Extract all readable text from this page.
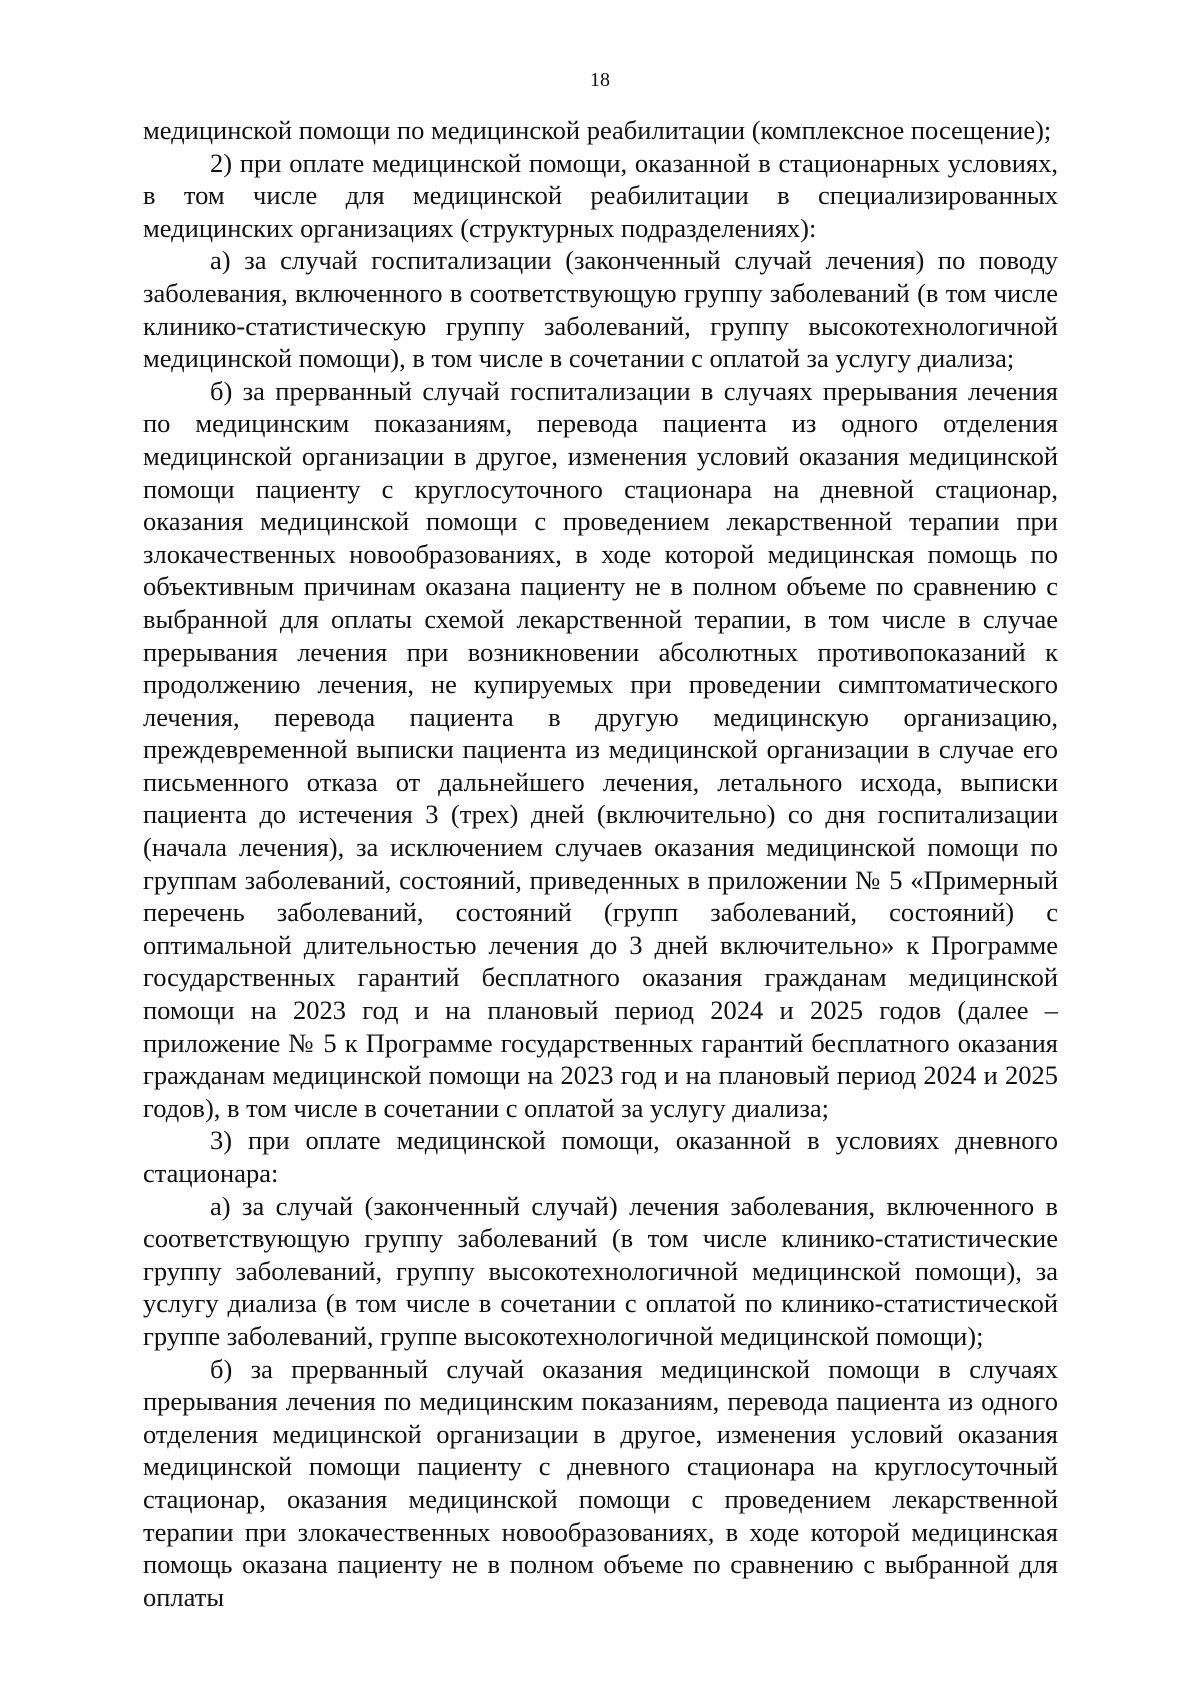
18

медицинской помощи по медицинской реабилитации (комплексное посещение);

2) при оплате медицинской помощи, оказанной в стационарных условиях, в том числе для медицинской реабилитации в специализированных медицинских организациях (структурных подразделениях):

а) за случай госпитализации (законченный случай лечения) по поводу заболевания, включенного в соответствующую группу заболеваний (в том числе клинико-статистическую группу заболеваний, группу высокотехнологичной медицинской помощи), в том числе в сочетании с оплатой за услугу диализа;

б) за прерванный случай госпитализации в случаях прерывания лечения по медицинским показаниям, перевода пациента из одного отделения медицинской организации в другое, изменения условий оказания медицинской помощи пациенту с круглосуточного стационара на дневной стационар, оказания медицинской помощи с проведением лекарственной терапии при злокачественных новообразованиях, в ходе которой медицинская помощь по объективным причинам оказана пациенту не в полном объеме по сравнению с выбранной для оплаты схемой лекарственной терапии, в том числе в случае прерывания лечения при возникновении абсолютных противопоказаний к продолжению лечения, не купируемых при проведении симптоматического лечения, перевода пациента в другую медицинскую организацию, преждевременной выписки пациента из медицинской организации в случае его письменного отказа от дальнейшего лечения, летального исхода, выписки пациента до истечения 3 (трех) дней (включительно) со дня госпитализации (начала лечения), за исключением случаев оказания медицинской помощи по группам заболеваний, состояний, приведенных в приложении № 5 «Примерный перечень заболеваний, состояний (групп заболеваний, состояний) с оптимальной длительностью лечения до 3 дней включительно» к Программе государственных гарантий бесплатного оказания гражданам медицинской помощи на 2023 год и на плановый период 2024 и 2025 годов (далее – приложение № 5 к Программе государственных гарантий бесплатного оказания гражданам медицинской помощи на 2023 год и на плановый период 2024 и 2025 годов), в том числе в сочетании с оплатой за услугу диализа;

3) при оплате медицинской помощи, оказанной в условиях дневного стационара:

а) за случай (законченный случай) лечения заболевания, включенного в соответствующую группу заболеваний (в том числе клинико-статистические группу заболеваний, группу высокотехнологичной медицинской помощи), за услугу диализа (в том числе в сочетании с оплатой по клинико-статистической группе заболеваний, группе высокотехнологичной медицинской помощи);

б) за прерванный случай оказания медицинской помощи в случаях прерывания лечения по медицинским показаниям, перевода пациента из одного отделения медицинской организации в другое, изменения условий оказания медицинской помощи пациенту с дневного стационара на круглосуточный стационар, оказания медицинской помощи с проведением лекарственной терапии при злокачественных новообразованиях, в ходе которой медицинская помощь оказана пациенту не в полном объеме по сравнению с выбранной для оплаты
